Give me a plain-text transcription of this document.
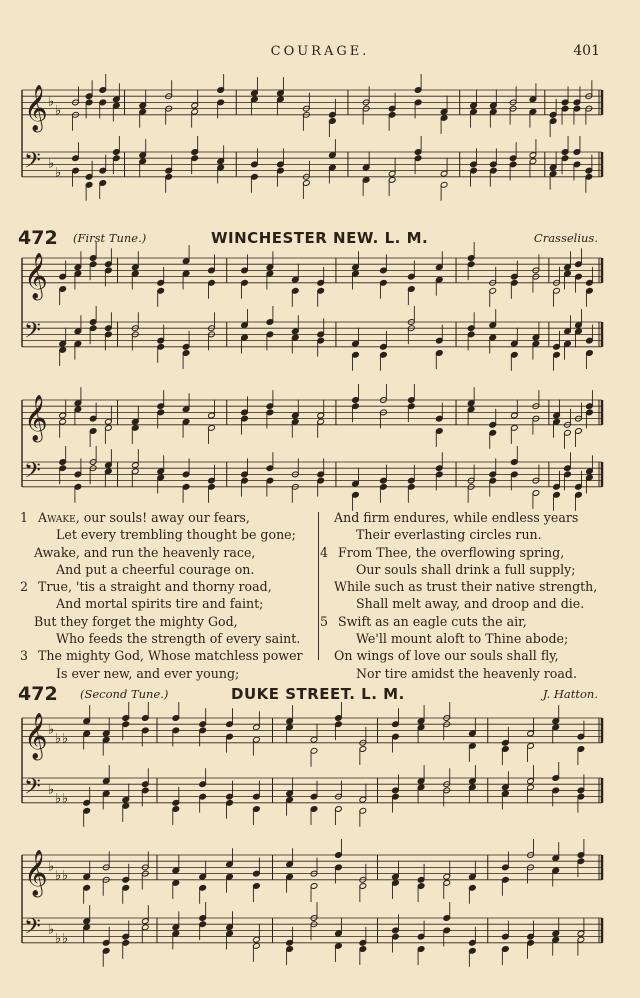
COURAGE.	401
472 (First Tune.)	WINCHESTER NEW. L. M.	Crasselius.
472 (Second Tune.)	DUKE STREET. L. M.	J. Hatton.
1 Awake, our souls! away our fears,
Let every trembling thought be gone;
Awake, and run the heavenly race,
And put a cheerful courage on.
2 True, 'tis a straight and thorny road,
And mortal spirits tire and faint;
But they forget the mighty God,
Who feeds the strength of every saint.
3 The mighty God, Whose matchless power
Is ever new, and ever young;
And firm endures, while endless years
Their everlasting circles run.
4 From Thee, the overflowing spring,
Our souls shall drink a full supply;
While such as trust their native strength,
Shall melt away, and droop and die.
5 Swift as an eagle cuts the air,
We'll mount aloft to Thine abode;
On wings of love our souls shall fly,
Nor tire amidst the heavenly road.
𝄞 ♭
♭
𝄢 ♭
♭
𝄞
𝄢
𝄞
𝄢
𝄞 ♭
♭ ♭
𝄢 ♭
♭ ♭
𝄞 ♭
♭ ♭
𝄢 ♭
♭ ♭
